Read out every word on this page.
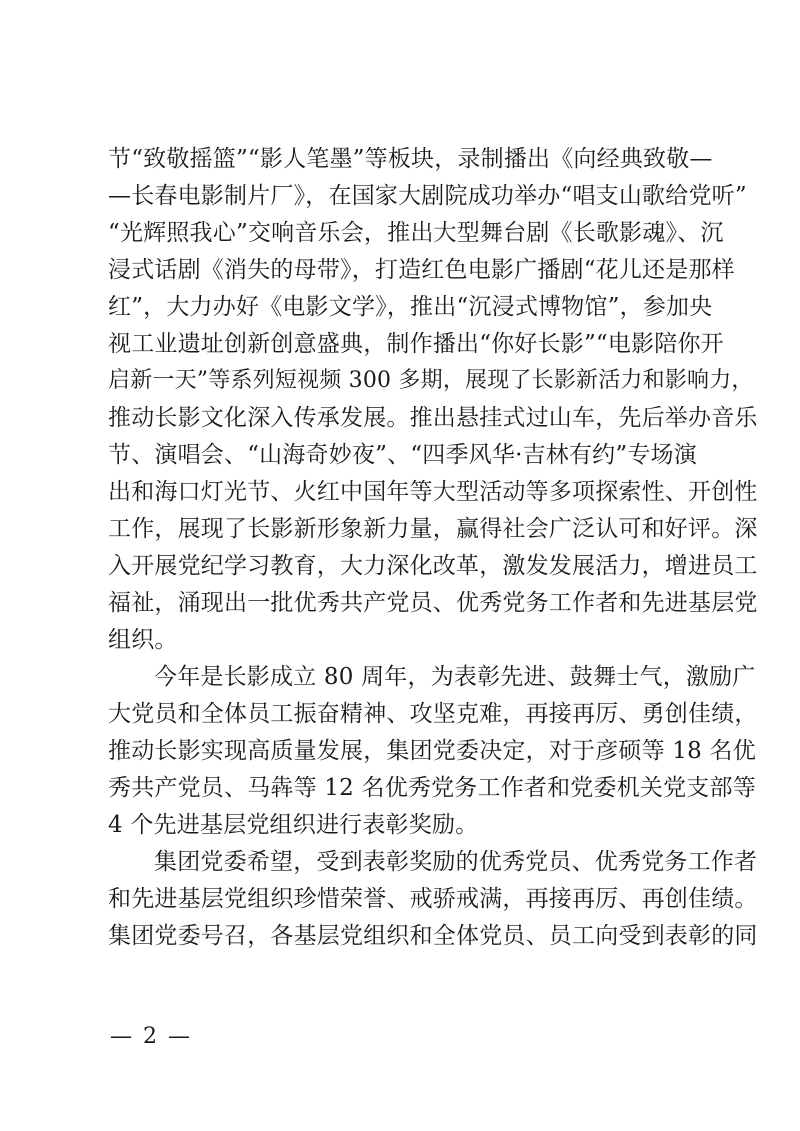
节“致敬摇篮”“影人笔墨”等板块，录制播出《向经典致敬—
—长春电影制片厂》，在国家大剧院成功举办“唱支山歌给党听”
“光辉照我心”交响音乐会，推出大型舞台剧《长歌影魂》、沉
浸式话剧《消失的母带》，打造红色电影广播剧“花儿还是那样
红”，大力办好《电影文学》，推出“沉浸式博物馆”，参加央
视工业遗址创新创意盛典，制作播出“你好长影”“电影陪你开
启新一天”等系列短视频 300 多期，展现了长影新活力和影响力，
推动长影文化深入传承发展。推出悬挂式过山车，先后举办音乐
节、演唱会、“山海奇妙夜”、“四季风华·吉林有约”专场演
出和海口灯光节、火红中国年等大型活动等多项探索性、开创性
工作，展现了长影新形象新力量，赢得社会广泛认可和好评。深
入开展党纪学习教育，大力深化改革，激发发展活力，增进员工
福祉，涌现出一批优秀共产党员、优秀党务工作者和先进基层党
组织。
今年是长影成立 80 周年，为表彰先进、鼓舞士气，激励广
大党员和全体员工振奋精神、攻坚克难，再接再厉、勇创佳绩，
推动长影实现高质量发展，集团党委决定，对于彦硕等 18 名优
秀共产党员、马犇等 12 名优秀党务工作者和党委机关党支部等
4 个先进基层党组织进行表彰奖励。
集团党委希望，受到表彰奖励的优秀党员、优秀党务工作者
和先进基层党组织珍惜荣誉、戒骄戒满，再接再厉、再创佳绩。
集团党委号召，各基层党组织和全体党员、员工向受到表彰的同
— 2 —
